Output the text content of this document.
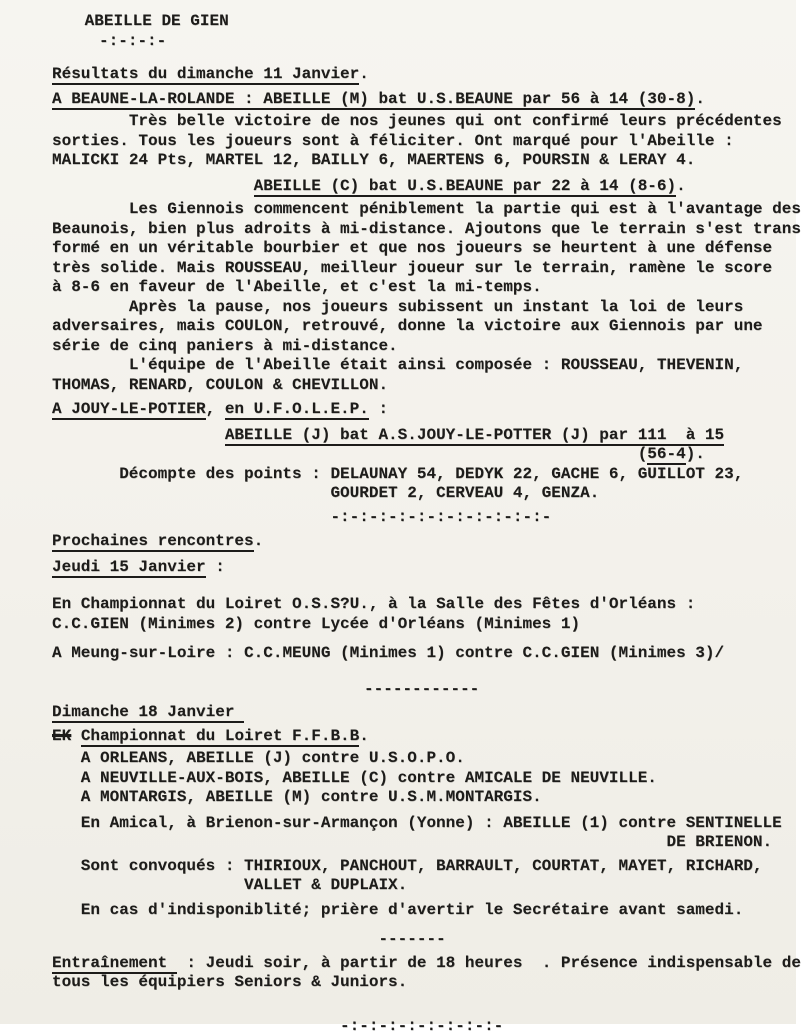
ABEILLE DE GIEN
-:-:-:-
Résultats du dimanche 11 Janvier.
A BEAUNE-LA-ROLANDE : ABEILLE (M) bat U.S.BEAUNE par 56 à 14 (30-8).
Très belle victoire de nos jeunes qui ont confirmé leurs précédentes
sorties. Tous les joueurs sont à féliciter. Ont marqué pour l'Abeille :
MALICKI 24 Pts, MARTEL 12, BAILLY 6, MAERTENS 6, POURSIN & LERAY 4.
ABEILLE (C) bat U.S.BEAUNE par 22 à 14 (8-6).
Les Giennois commencent péniblement la partie qui est à l'avantage des
Beaunois, bien plus adroits à mi-distance. Ajoutons que le terrain s'est trans
formé en un véritable bourbier et que nos joueurs se heurtent à une défense
très solide. Mais ROUSSEAU, meilleur joueur sur le terrain, ramène le score
à 8-6 en faveur de l'Abeille, et c'est la mi-temps.
Après la pause, nos joueurs subissent un instant la loi de leurs
adversaires, mais COULON, retrouvé, donne la victoire aux Giennois par une
série de cinq paniers à mi-distance.
L'équipe de l'Abeille était ainsi composée : ROUSSEAU, THEVENIN,
THOMAS, RENARD, COULON & CHEVILLON.
A JOUY-LE-POTIER, en U.F.O.L.E.P. :
ABEILLE (J) bat A.S.JOUY-LE-POTTER (J) par 111  à 15
(56-4).
Décompte des points : DELAUNAY 54, DEDYK 22, GACHE 6, GUILLOT 23,
GOURDET 2, CERVEAU 4, GENZA.
-:-:-:-:-:-:-:-:-:-:-:-
Prochaines rencontres.
Jeudi 15 Janvier :
En Championnat du Loiret O.S.S?U., à la Salle des Fêtes d'Orléans :
C.C.GIEN (Minimes 2) contre Lycée d'Orléans (Minimes 1)
A Meung-sur-Loire : C.C.MEUNG (Minimes 1) contre C.C.GIEN (Minimes 3)/
------------
Dimanche 18 Janvier
EK Championnat du Loiret F.F.B.B.
A ORLEANS, ABEILLE (J) contre U.S.O.P.O.
A NEUVILLE-AUX-BOIS, ABEILLE (C) contre AMICALE DE NEUVILLE.
A MONTARGIS, ABEILLE (M) contre U.S.M.MONTARGIS.
En Amical, à Brienon-sur-Armançon (Yonne) : ABEILLE (1) contre SENTINELLE
DE BRIENON.
Sont convoqués : THIRIOUX, PANCHOUT, BARRAULT, COURTAT, MAYET, RICHARD,
VALLET & DUPLAIX.
En cas d'indisponiblité; prière d'avertir le Secrétaire avant samedi.
-------
Entraînement  : Jeudi soir, à partir de 18 heures  . Présence indispensable de
tous les équipiers Seniors & Juniors.
-:-:-:-:-:-:-:-:-
